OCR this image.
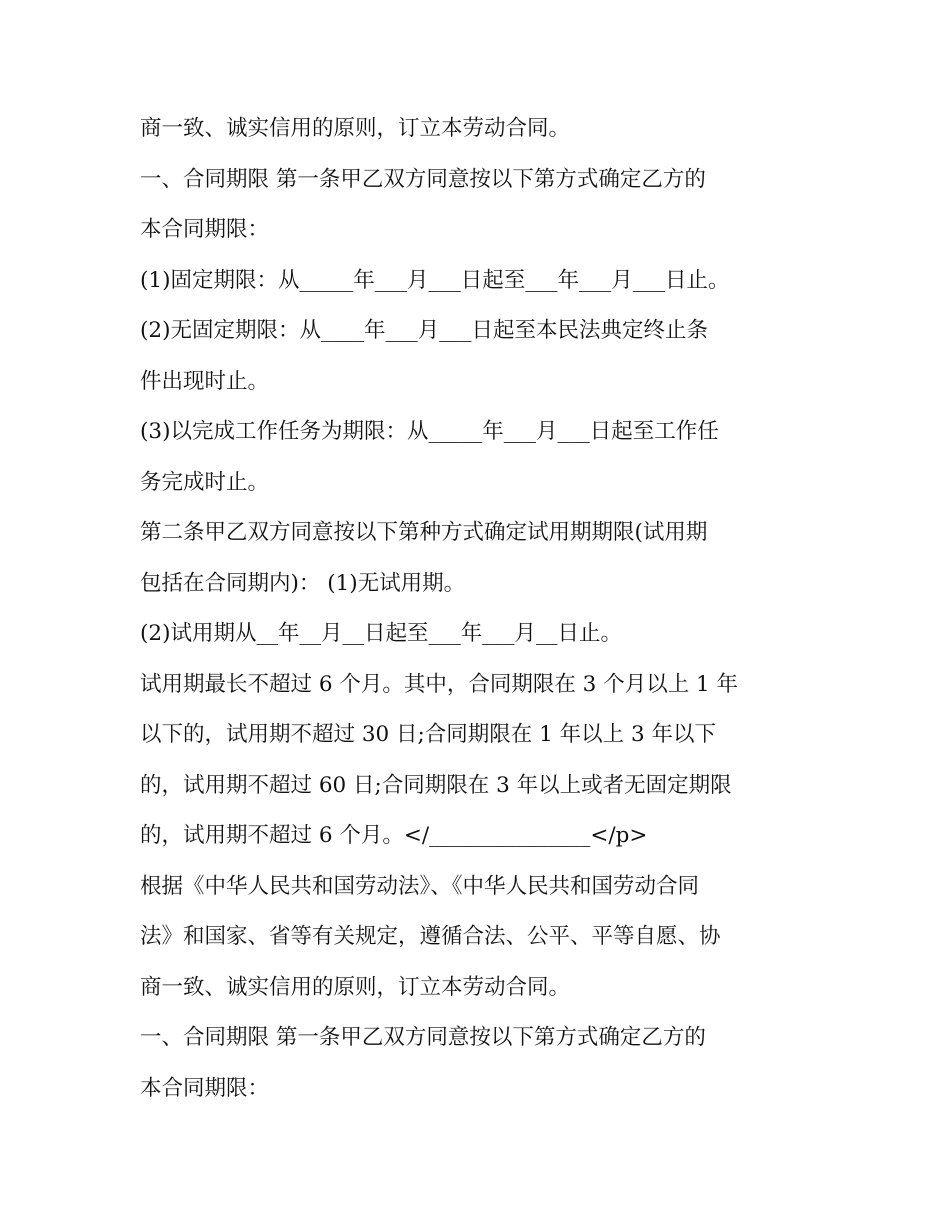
商一致、诚实信用的原则，订立本劳动合同。
一、合同期限 第一条甲乙双方同意按以下第方式确定乙方的
本合同期限：
(1)固定期限：从_____年___月___日起至___年___月___日止。
(2)无固定期限：从____年___月___日起至本民法典定终止条
件出现时止。
(3)以完成工作任务为期限：从_____年___月___日起至工作任
务完成时止。
第二条甲乙双方同意按以下第种方式确定试用期期限(试用期
包括在合同期内)： (1)无试用期。
(2)试用期从__年__月__日起至___年___月__日止。
试用期最长不超过 6 个月。其中，合同期限在 3 个月以上 1 年
以下的，试用期不超过 30 日;合同期限在 1 年以上 3 年以下
的，试用期不超过 60 日;合同期限在 3 年以上或者无固定期限
的，试用期不超过 6 个月。</_______________</p>
根据《中华人民共和国劳动法》、《中华人民共和国劳动合同
法》和国家、省等有关规定，遵循合法、公平、平等自愿、协
商一致、诚实信用的原则，订立本劳动合同。
一、合同期限 第一条甲乙双方同意按以下第方式确定乙方的
本合同期限：
